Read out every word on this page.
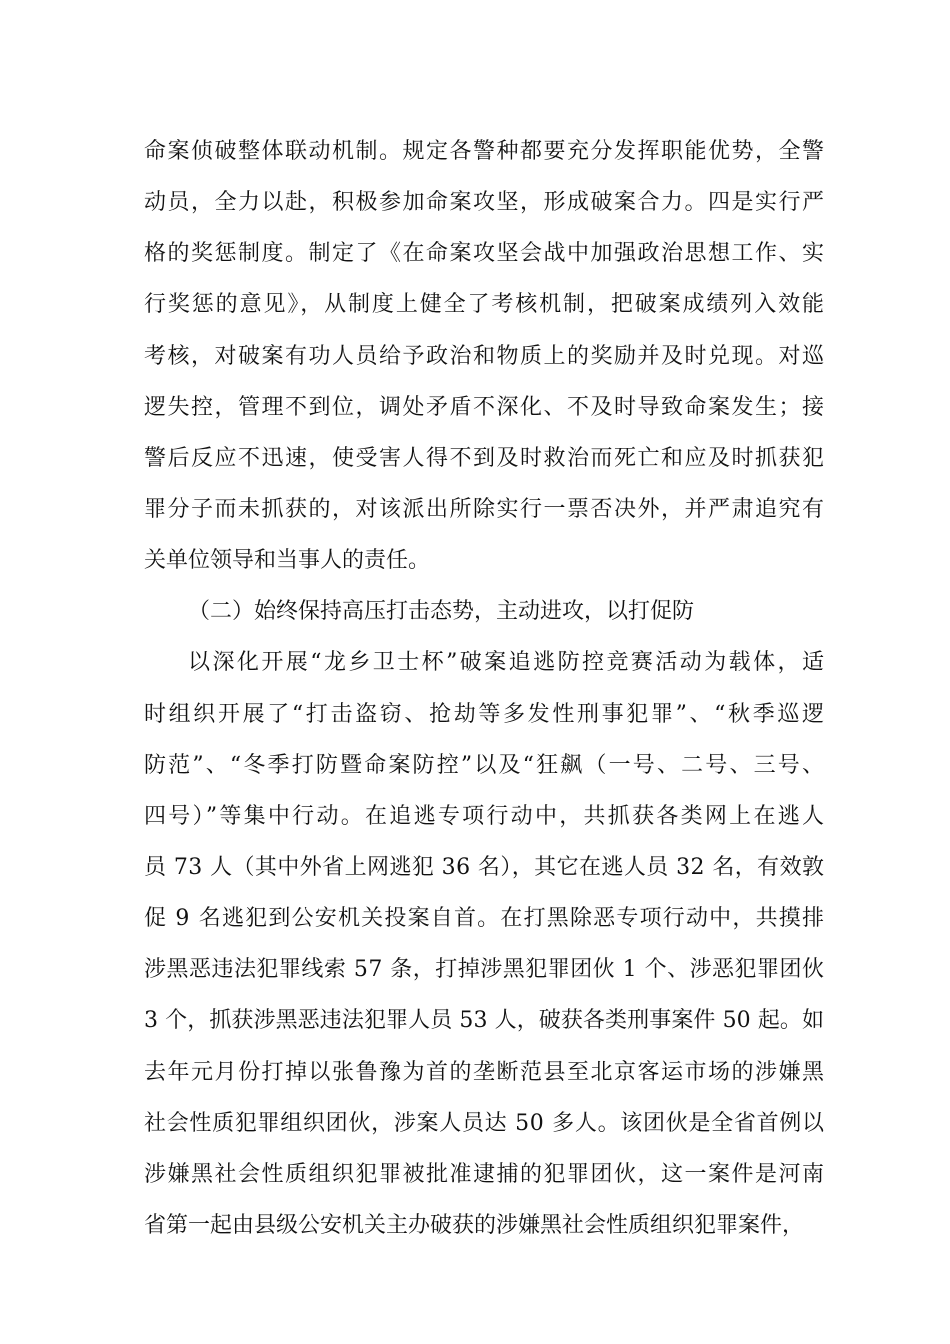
命案侦破整体联动机制。规定各警种都要充分发挥职能优势，全警
动员，全力以赴，积极参加命案攻坚，形成破案合力。四是实行严
格的奖惩制度。制定了《在命案攻坚会战中加强政治思想工作、实
行奖惩的意见》，从制度上健全了考核机制，把破案成绩列入效能
考核，对破案有功人员给予政治和物质上的奖励并及时兑现。对巡
逻失控，管理不到位，调处矛盾不深化、不及时导致命案发生；接
警后反应不迅速，使受害人得不到及时救治而死亡和应及时抓获犯
罪分子而未抓获的，对该派出所除实行一票否决外，并严肃追究有
关单位领导和当事人的责任。
（二）始终保持高压打击态势，主动进攻，以打促防
以深化开展“龙乡卫士杯”破案追逃防控竞赛活动为载体，适
时组织开展了“打击盗窃、抢劫等多发性刑事犯罪”、“秋季巡逻
防范”、“冬季打防暨命案防控”以及“狂飙（一号、二号、三号、
四号）”等集中行动。在追逃专项行动中，共抓获各类网上在逃人
员 73 人（其中外省上网逃犯 36 名），其它在逃人员 32 名，有效敦
促 9 名逃犯到公安机关投案自首。在打黑除恶专项行动中，共摸排
涉黑恶违法犯罪线索 57 条，打掉涉黑犯罪团伙 1 个、涉恶犯罪团伙
3 个，抓获涉黑恶违法犯罪人员 53 人，破获各类刑事案件 50 起。如
去年元月份打掉以张鲁豫为首的垄断范县至北京客运市场的涉嫌黑
社会性质犯罪组织团伙，涉案人员达 50 多人。该团伙是全省首例以
涉嫌黑社会性质组织犯罪被批准逮捕的犯罪团伙，这一案件是河南
省第一起由县级公安机关主办破获的涉嫌黑社会性质组织犯罪案件，
